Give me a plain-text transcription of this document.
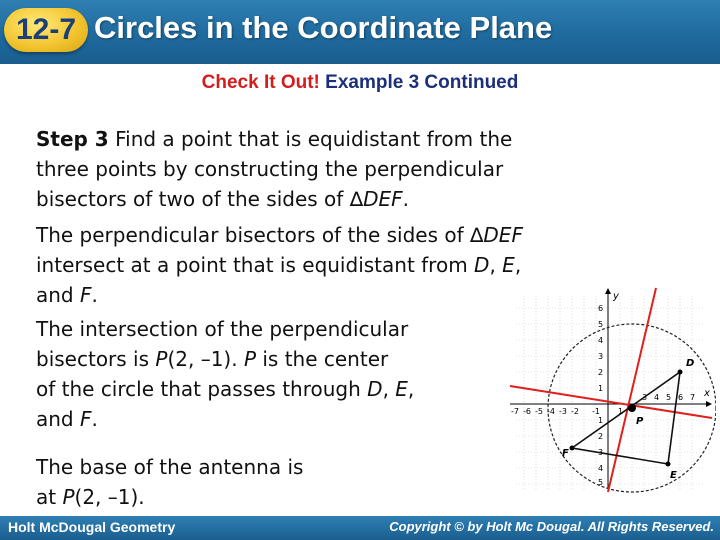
12-7 Circles in the Coordinate Plane
Check It Out! Example 3 Continued
Step 3 Find a point that is equidistant from the
three points by constructing the perpendicular
bisectors of two of the sides of ∆DEF.
The perpendicular bisectors of the sides of ∆DEF
intersect at a point that is equidistant from D, E,
and F.
The intersection of the perpendicular
bisectors is P(2, –1). P is the center
of the circle that passes through D, E,
and F.
The base of the antenna is
at P(2, –1).
y
x
6
5
4
3
2
1
1
2
3
4
5
-7 -6 -5 -4 -3 -2 -1 1
3 4 5 6 7
D
E
F
P
Holt McDougal Geometry	Copyright © by Holt Mc Dougal. All Rights Reserved.
